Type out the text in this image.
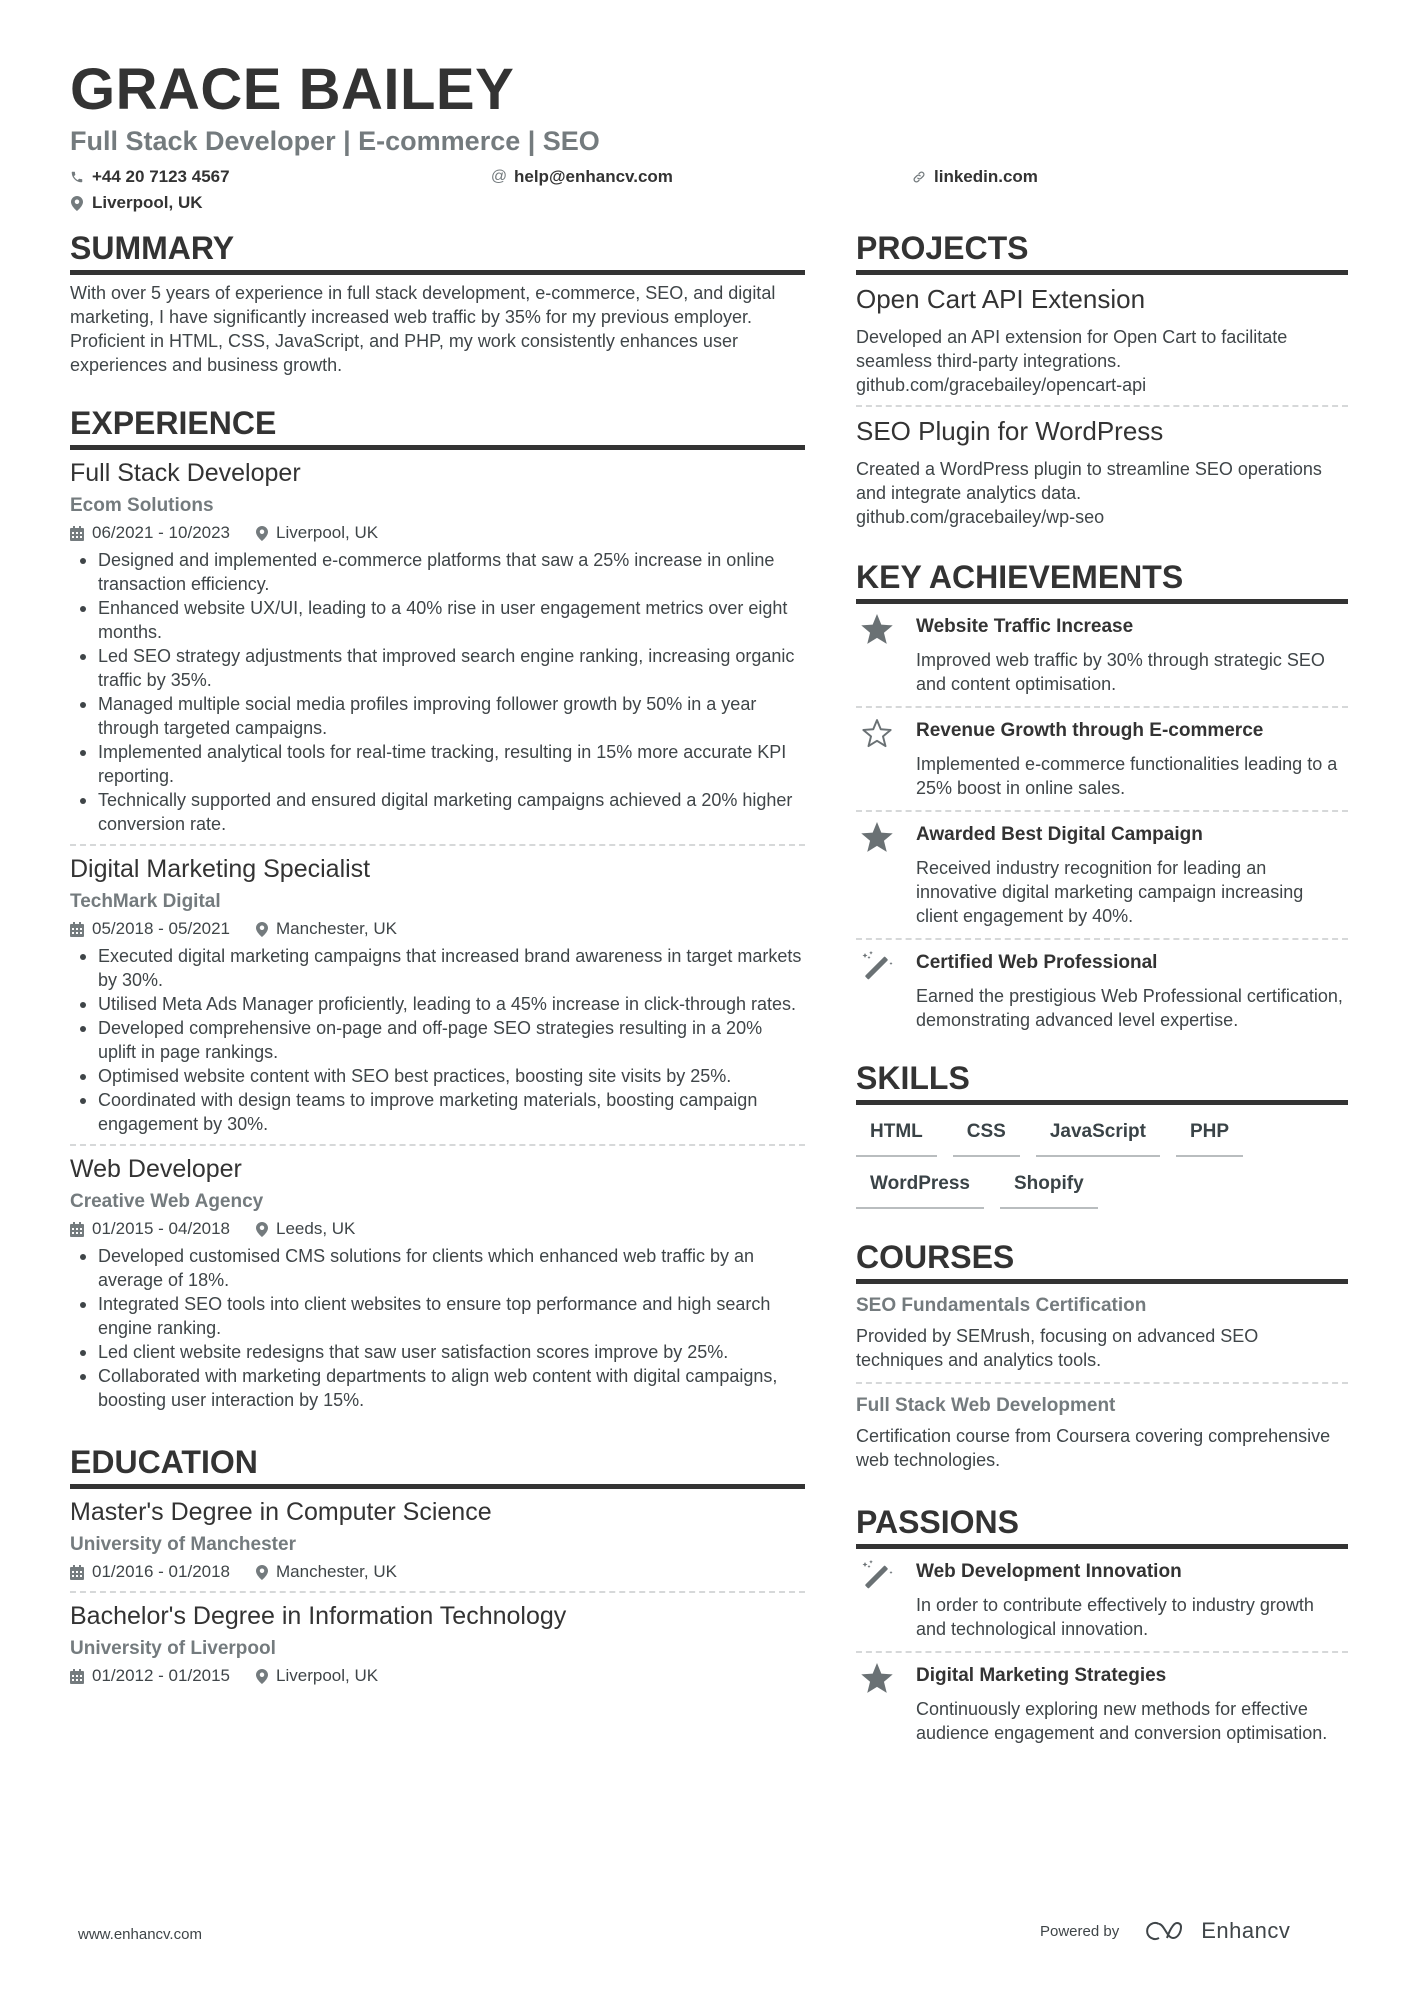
GRACE BAILEY
Full Stack Developer | E-commerce | SEO
+44 20 7123 4567	@ help@enhancv.com	linkedin.com
Liverpool, UK
SUMMARY
With over 5 years of experience in full stack development, e-commerce, SEO, and digital marketing, I have significantly increased web traffic by 35% for my previous employer. Proficient in HTML, CSS, JavaScript, and PHP, my work consistently enhances user experiences and business growth.
EXPERIENCE
Full Stack Developer
Ecom Solutions
06/2021 - 10/2023	Liverpool, UK
Designed and implemented e-commerce platforms that saw a 25% increase in online transaction efficiency.
Enhanced website UX/UI, leading to a 40% rise in user engagement metrics over eight months.
Led SEO strategy adjustments that improved search engine ranking, increasing organic traffic by 35%.
Managed multiple social media profiles improving follower growth by 50% in a year through targeted campaigns.
Implemented analytical tools for real-time tracking, resulting in 15% more accurate KPI reporting.
Technically supported and ensured digital marketing campaigns achieved a 20% higher conversion rate.
Digital Marketing Specialist
TechMark Digital
05/2018 - 05/2021	Manchester, UK
Executed digital marketing campaigns that increased brand awareness in target markets by 30%.
Utilised Meta Ads Manager proficiently, leading to a 45% increase in click-through rates.
Developed comprehensive on-page and off-page SEO strategies resulting in a 20% uplift in page rankings.
Optimised website content with SEO best practices, boosting site visits by 25%.
Coordinated with design teams to improve marketing materials, boosting campaign engagement by 30%.
Web Developer
Creative Web Agency
01/2015 - 04/2018	Leeds, UK
Developed customised CMS solutions for clients which enhanced web traffic by an average of 18%.
Integrated SEO tools into client websites to ensure top performance and high search engine ranking.
Led client website redesigns that saw user satisfaction scores improve by 25%.
Collaborated with marketing departments to align web content with digital campaigns, boosting user interaction by 15%.
EDUCATION
Master's Degree in Computer Science
University of Manchester
01/2016 - 01/2018	Manchester, UK
Bachelor's Degree in Information Technology
University of Liverpool
01/2012 - 01/2015	Liverpool, UK
PROJECTS
Open Cart API Extension
Developed an API extension for Open Cart to facilitate seamless third-party integrations.
github.com/gracebailey/opencart-api
SEO Plugin for WordPress
Created a WordPress plugin to streamline SEO operations and integrate analytics data.
github.com/gracebailey/wp-seo
KEY ACHIEVEMENTS
Website Traffic Increase
Improved web traffic by 30% through strategic SEO and content optimisation.
Revenue Growth through E-commerce
Implemented e-commerce functionalities leading to a 25% boost in online sales.
Awarded Best Digital Campaign
Received industry recognition for leading an innovative digital marketing campaign increasing client engagement by 40%.
Certified Web Professional
Earned the prestigious Web Professional certification, demonstrating advanced level expertise.
SKILLS
HTML	CSS	JavaScript	PHP
WordPress	Shopify
COURSES
SEO Fundamentals Certification
Provided by SEMrush, focusing on advanced SEO techniques and analytics tools.
Full Stack Web Development
Certification course from Coursera covering comprehensive web technologies.
PASSIONS
Web Development Innovation
In order to contribute effectively to industry growth and technological innovation.
Digital Marketing Strategies
Continuously exploring new methods for effective audience engagement and conversion optimisation.
www.enhancv.com	Powered by	Enhancv
